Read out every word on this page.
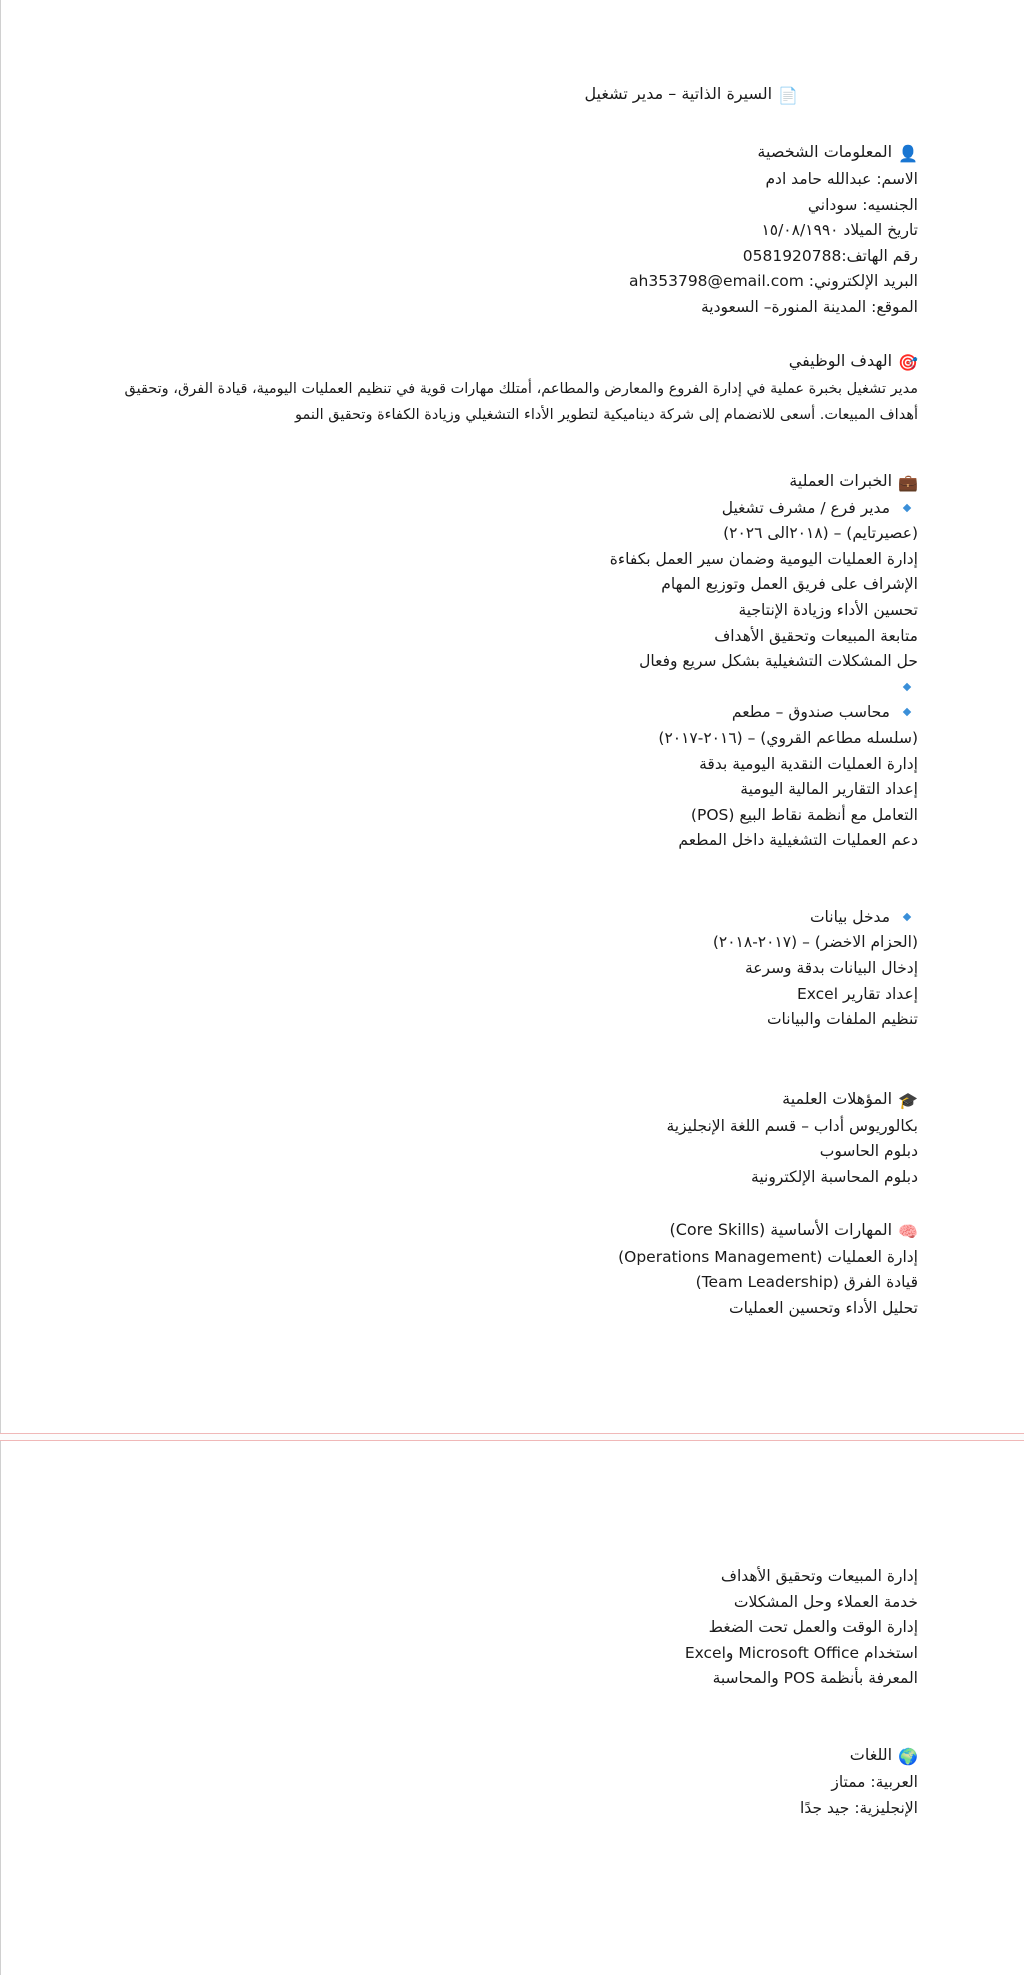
📄السيرة الذاتية – مدير تشغيل
👤المعلومات الشخصية
الاسم: عبدالله حامد ادم
الجنسيه: سوداني
تاريخ الميلاد ١٥/٠٨/١٩٩٠
رقم الهاتف:0581920788
البريد الإلكتروني: ah353798@email.com
الموقع: المدينة المنورة– السعودية
🎯الهدف الوظيفي
مدير تشغيل بخبرة عملية في إدارة الفروع والمعارض والمطاعم، أمتلك مهارات قوية في تنظيم العمليات اليومية، قيادة الفرق، وتحقيق أهداف المبيعات. أسعى للانضمام إلى شركة ديناميكية لتطوير الأداء التشغيلي وزيادة الكفاءة وتحقيق النمو
💼الخبرات العملية
مدير فرع / مشرف تشغيل
(عصيرتايم) – (٢٠١٨الى ٢٠٢٦)
إدارة العمليات اليومية وضمان سير العمل بكفاءة
الإشراف على فريق العمل وتوزيع المهام
تحسين الأداء وزيادة الإنتاجية
متابعة المبيعات وتحقيق الأهداف
حل المشكلات التشغيلية بشكل سريع وفعال
محاسب صندوق – مطعم
(سلسله مطاعم القروي) – (٢٠١٦-٢٠١٧)
إدارة العمليات النقدية اليومية بدقة
إعداد التقارير المالية اليومية
التعامل مع أنظمة نقاط البيع (POS)
دعم العمليات التشغيلية داخل المطعم
مدخل بيانات
(الحزام الاخضر) – (٢٠١٧-٢٠١٨)
إدخال البيانات بدقة وسرعة
إعداد تقارير Excel
تنظيم الملفات والبيانات
🎓المؤهلات العلمية
بكالوريوس أداب – قسم اللغة الإنجليزية
دبلوم الحاسوب
دبلوم المحاسبة الإلكترونية
🧠المهارات الأساسية (Core Skills)
إدارة العمليات (Operations Management)
قيادة الفرق (Team Leadership)
تحليل الأداء وتحسين العمليات
إدارة المبيعات وتحقيق الأهداف
خدمة العملاء وحل المشكلات
إدارة الوقت والعمل تحت الضغط
استخدام Microsoft Office وExcel
المعرفة بأنظمة POS والمحاسبة
🌍اللغات
العربية: ممتاز
الإنجليزية: جيد جدًا
